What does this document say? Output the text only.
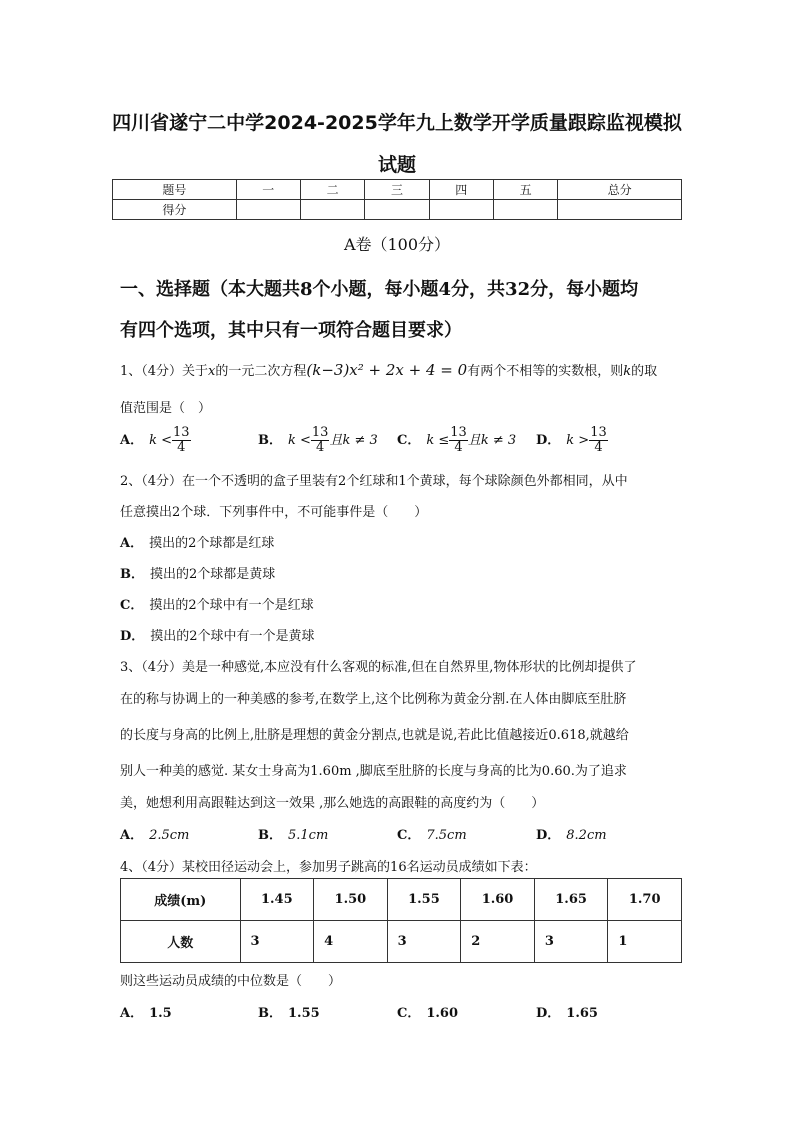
四川省遂宁二中学2024-2025学年九上数学开学质量跟踪监视模拟
试题
题号	一	二	三	四	五	总分
得分						
A卷（100分）
一、选择题（本大题共8个小题，每小题4分，共32分，每小题均
有四个选项，其中只有一项符合题目要求）
1、（4分）关于x的一元二次方程(k−3)x² + 2x + 4 = 0有两个不相等的实数根，则k的取
值范围是（　）
A． $k < \frac{13}{4}$	B． $k < \frac{13}{4}$ 且k ≠ 3 C． $k \le \frac{13}{4}$ 且k ≠ 3 D． $k > \frac{13}{4}$
2、（4分）在一个不透明的盒子里装有2个红球和1个黄球，每个球除颜色外都相同，从中
任意摸出2个球．下列事件中，不可能事件是（　　）
A． 摸出的2个球都是红球
B． 摸出的2个球都是黄球
C． 摸出的2个球中有一个是红球
D． 摸出的2个球中有一个是黄球
3、（4分）美是一种感觉,本应没有什么客观的标准,但在自然界里,物体形状的比例却提供了
在的称与协调上的一种美感的参考,在数学上,这个比例称为黄金分割.在人体由脚底至肚脐
的长度与身高的比例上,肚脐是理想的黄金分割点,也就是说,若此比值越接近0.618,就越给
别人一种美的感觉. 某女士身高为1.60m ,脚底至肚脐的长度与身高的比为0.60.为了追求
美，她想利用高跟鞋达到这一效果 ,那么她选的高跟鞋的高度约为（　　）
A． 2.5cm	B． 5.1cm	C． 7.5cm	D． 8.2cm
4、（4分）某校田径运动会上，参加男子跳高的16名运动员成绩如下表：
成绩(m)	1.45	1.50	1.55	1.60	1.65	1.70
人数	3	4	3	2	3	1
则这些运动员成绩的中位数是（　　）
A． 1.5	B． 1.55	C． 1.60	D． 1.65
